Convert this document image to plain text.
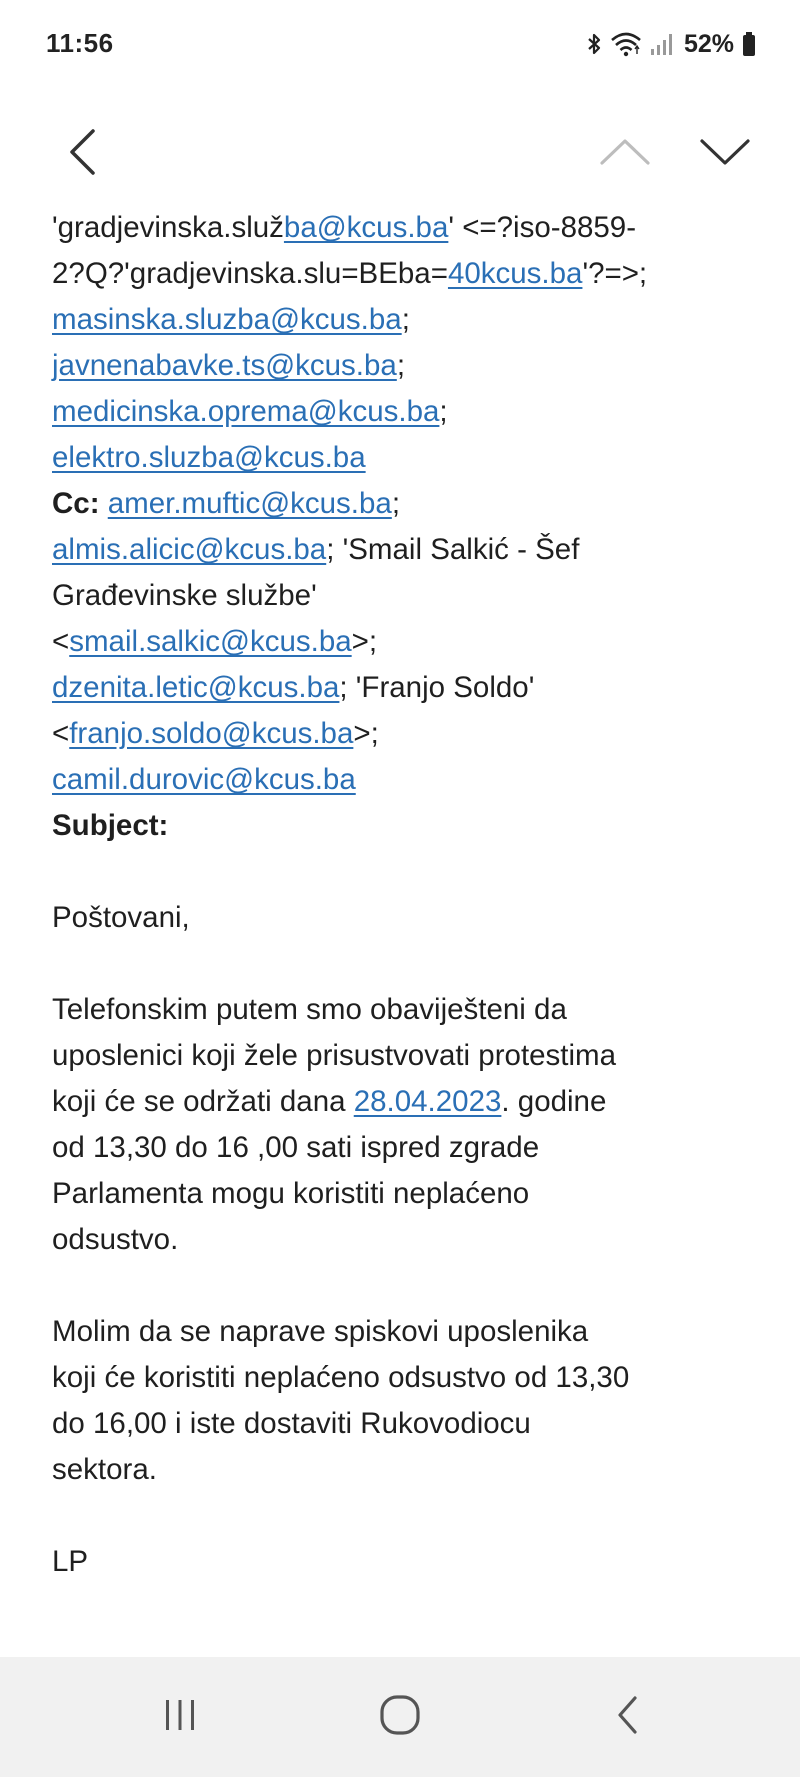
11:56	52%
'gradjevinska.služba@kcus.ba' <=?iso-8859-
2?Q?'gradjevinska.slu=BEba=40kcus.ba'?=>;
masinska.sluzba@kcus.ba;
javnenabavke.ts@kcus.ba;
medicinska.oprema@kcus.ba;
elektro.sluzba@kcus.ba
Cc: amer.muftic@kcus.ba;
almis.alicic@kcus.ba; 'Smail Salkić - Šef
Građevinske službe'
<smail.salkic@kcus.ba>;
dzenita.letic@kcus.ba; 'Franjo Soldo'
<franjo.soldo@kcus.ba>;
camil.durovic@kcus.ba
Subject:
Poštovani,
Telefonskim putem smo obaviješteni da
uposlenici koji žele prisustvovati protestima
koji će se održati dana 28.04.2023. godine
od 13,30 do 16 ,00 sati ispred zgrade
Parlamenta mogu koristiti neplaćeno
odsustvo.
Molim da se naprave spiskovi uposlenika
koji će koristiti neplaćeno odsustvo od 13,30
do 16,00 i iste dostaviti Rukovodiocu
sektora.
LP
